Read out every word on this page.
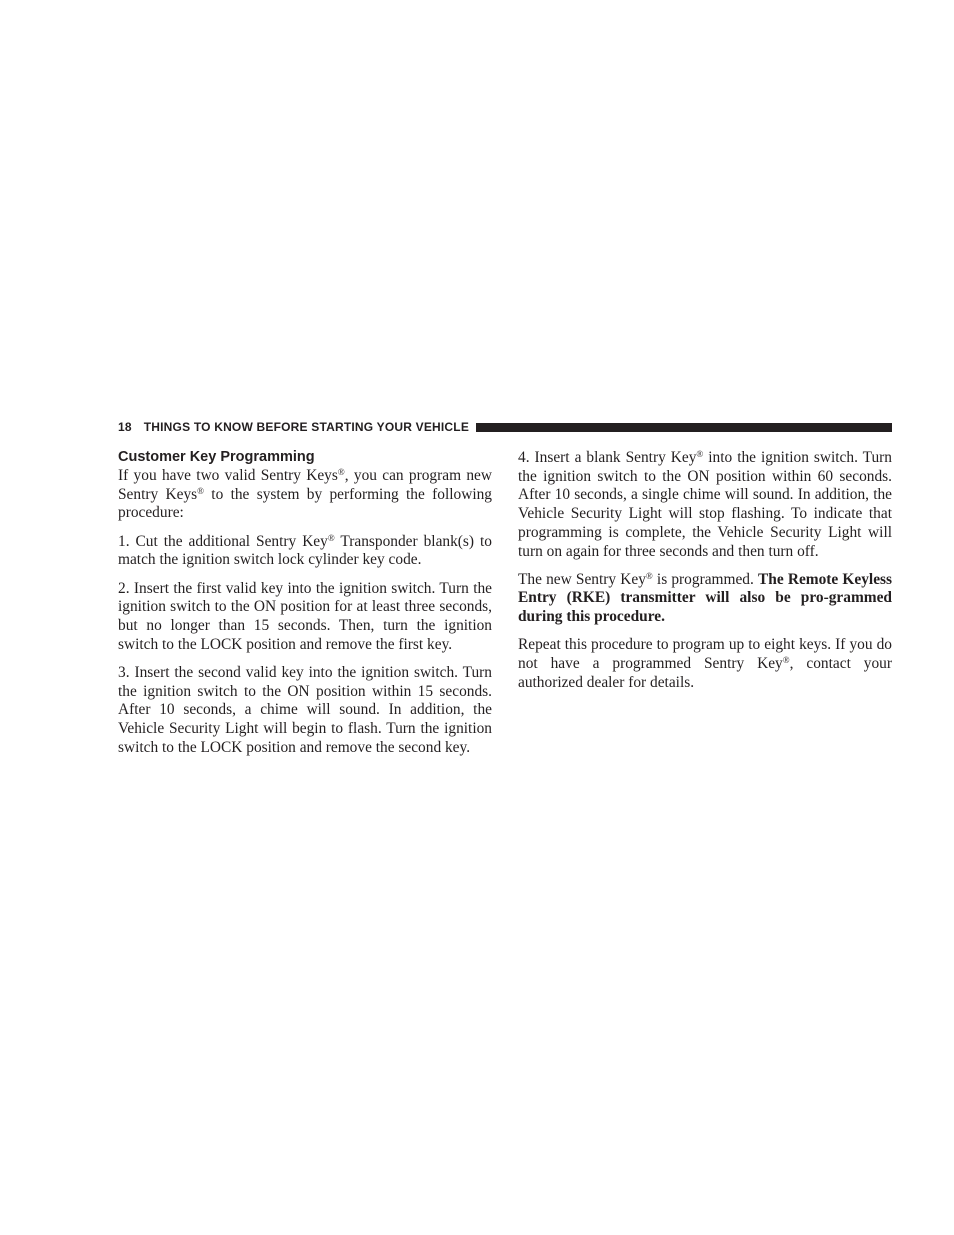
18 THINGS TO KNOW BEFORE STARTING YOUR VEHICLE
Customer Key Programming

If you have two valid Sentry Keys®, you can program new Sentry Keys® to the system by performing the following procedure:

1. Cut the additional Sentry Key® Transponder blank(s) to match the ignition switch lock cylinder key code.

2. Insert the first valid key into the ignition switch. Turn the ignition switch to the ON position for at least three seconds, but no longer than 15 seconds. Then, turn the ignition switch to the LOCK position and remove the first key.

3. Insert the second valid key into the ignition switch. Turn the ignition switch to the ON position within 15 seconds. After 10 seconds, a chime will sound. In addition, the Vehicle Security Light will begin to flash. Turn the ignition switch to the LOCK position and remove the second key.

4. Insert a blank Sentry Key® into the ignition switch. Turn the ignition switch to the ON position within 60 seconds. After 10 seconds, a single chime will sound. In addition, the Vehicle Security Light will stop flashing. To indicate that programming is complete, the Vehicle Security Light will turn on again for three seconds and then turn off.

The new Sentry Key® is programmed. The Remote Keyless Entry (RKE) transmitter will also be pro-grammed during this procedure.

Repeat this procedure to program up to eight keys. If you do not have a programmed Sentry Key®, contact your authorized dealer for details.
